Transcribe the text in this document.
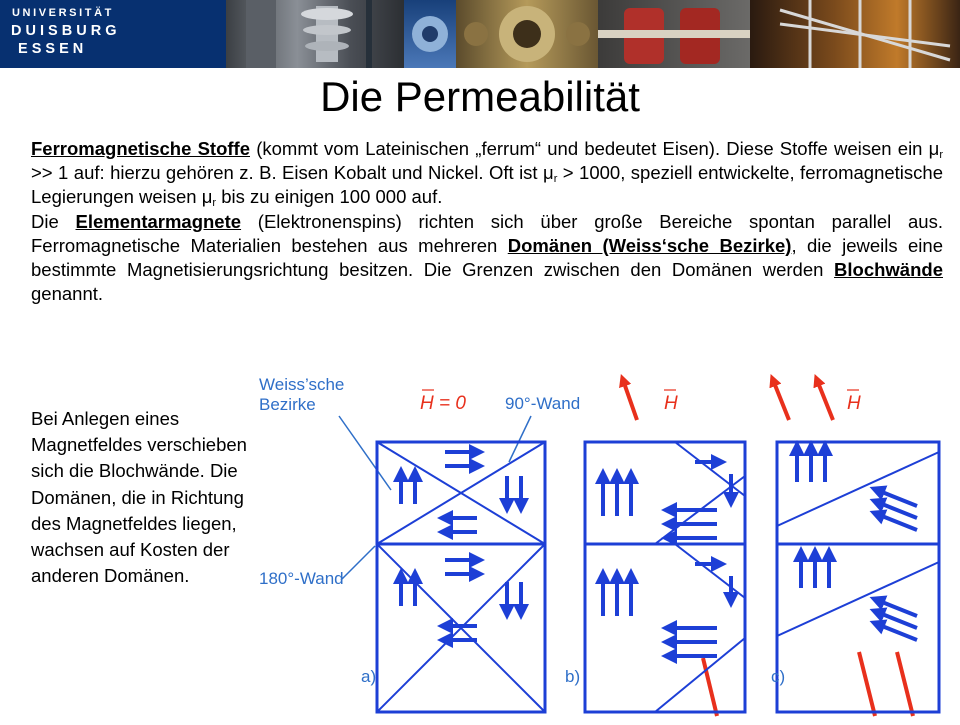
UNIVERSITÄT
D U I S B U R G
E S S E N
Die Permeabilität
Ferromagnetische Stoffe (kommt vom Lateinischen „ferrum“ und bedeutet Eisen). Diese Stoffe weisen ein $\mu_r >> 1$ auf: hierzu gehören z. B. Eisen Kobalt und Nickel. Oft ist $\mu_r > 1000$, speziell entwickelte, ferromagnetische Legierungen weisen $\mu_r$ bis zu einigen 100 000 auf.
Die Elementarmagnete (Elektronenspins) richten sich über große Bereiche spontan parallel aus. Ferromagnetische Materialien bestehen aus mehreren Domänen (Weiss‘sche Bezirke), die jeweils eine bestimmte Magnetisierungsrichtung besitzen. Die Grenzen zwischen den Domänen werden Blochwände genannt.
Bei Anlegen eines Magnetfeldes verschieben sich die Blochwände. Die Domänen, die in Richtung des Magnetfeldes liegen, wachsen auf Kosten der anderen Domänen.
Weiss’sche
Bezirke	H = 0 90°-Wand
180°-Wand
H	H
a)	b)	c)
